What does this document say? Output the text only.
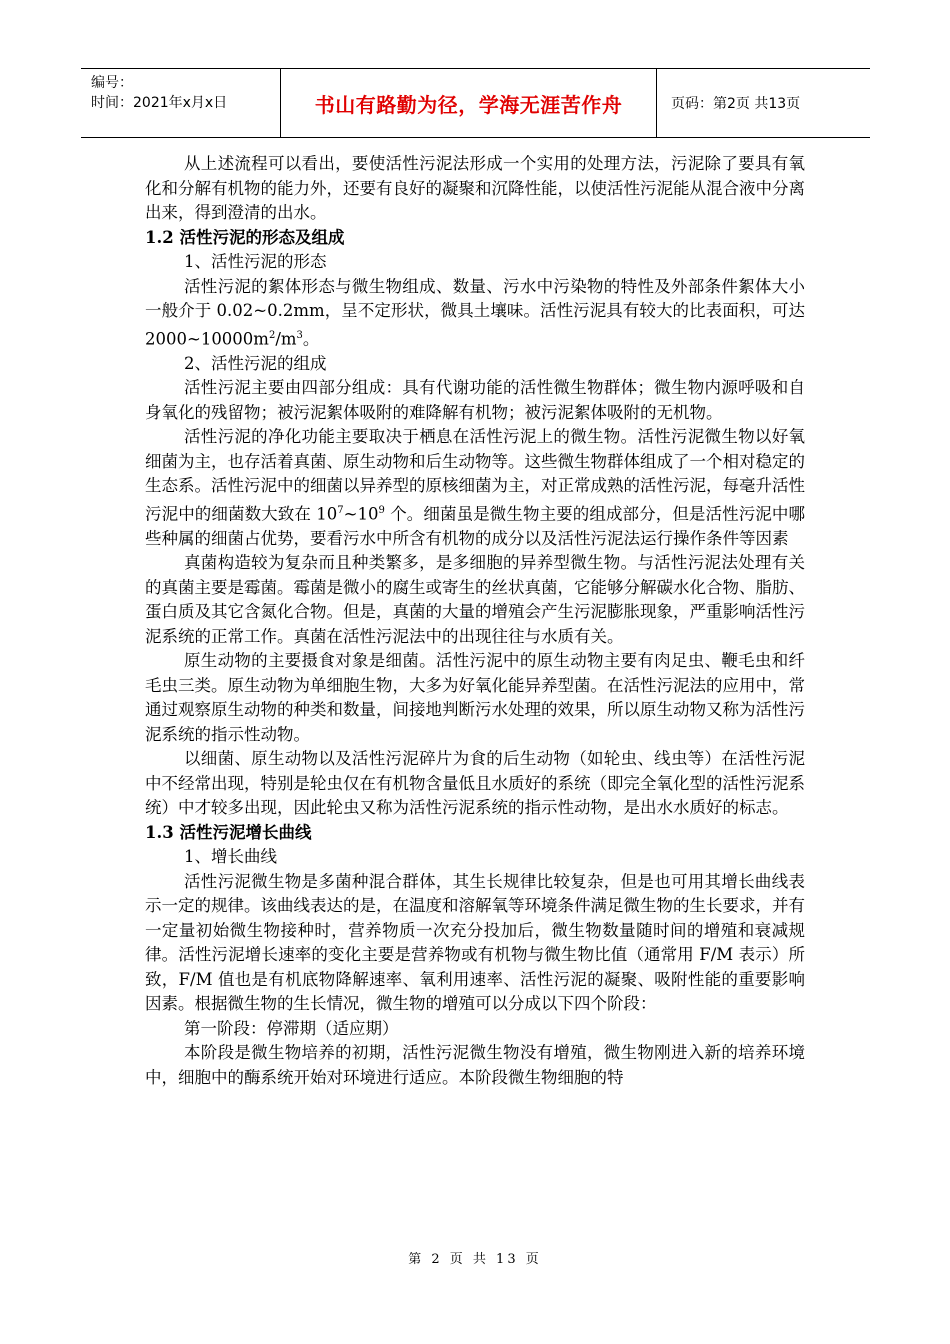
编号：
时间：2021年x月x日	书山有路勤为径，学海无涯苦作舟	页码：第2页 共13页

从上述流程可以看出，要使活性污泥法形成一个实用的处理方法，污泥除了要具有氧化和分解有机物的能力外，还要有良好的凝聚和沉降性能，以使活性污泥能从混合液中分离出来，得到澄清的出水。

1.2 活性污泥的形态及组成

1、活性污泥的形态

活性污泥的絮体形态与微生物组成、数量、污水中污染物的特性及外部条件絮体大小一般介于 0.02~0.2mm，呈不定形状，微具土壤味。活性污泥具有较大的比表面积，可达 $2000\sim 10000m^2/m^3$。

2、活性污泥的组成

活性污泥主要由四部分组成：具有代谢功能的活性微生物群体；微生物内源呼吸和自身氧化的残留物；被污泥絮体吸附的难降解有机物；被污泥絮体吸附的无机物。

活性污泥的净化功能主要取决于栖息在活性污泥上的微生物。活性污泥微生物以好氧细菌为主，也存活着真菌、原生动物和后生动物等。这些微生物群体组成了一个相对稳定的生态系。活性污泥中的细菌以异养型的原核细菌为主，对正常成熟的活性污泥，每毫升活性污泥中的细菌数大致在 $10^7\sim 10^9$ 个。细菌虽是微生物主要的组成部分，但是活性污泥中哪些种属的细菌占优势，要看污水中所含有机物的成分以及活性污泥法运行操作条件等因素

真菌构造较为复杂而且种类繁多，是多细胞的异养型微生物。与活性污泥法处理有关的真菌主要是霉菌。霉菌是微小的腐生或寄生的丝状真菌，它能够分解碳水化合物、脂肪、蛋白质及其它含氮化合物。但是，真菌的大量的增殖会产生污泥膨胀现象，严重影响活性污泥系统的正常工作。真菌在活性污泥法中的出现往往与水质有关。

原生动物的主要摄食对象是细菌。活性污泥中的原生动物主要有肉足虫、鞭毛虫和纤毛虫三类。原生动物为单细胞生物，大多为好氧化能异养型菌。在活性污泥法的应用中，常通过观察原生动物的种类和数量，间接地判断污水处理的效果，所以原生动物又称为活性污泥系统的指示性动物。

以细菌、原生动物以及活性污泥碎片为食的后生动物（如轮虫、线虫等）在活性污泥中不经常出现，特别是轮虫仅在有机物含量低且水质好的系统（即完全氧化型的活性污泥系统）中才较多出现，因此轮虫又称为活性污泥系统的指示性动物，是出水水质好的标志。

1.3 活性污泥增长曲线

1、增长曲线

活性污泥微生物是多菌种混合群体，其生长规律比较复杂，但是也可用其增长曲线表示一定的规律。该曲线表达的是，在温度和溶解氧等环境条件满足微生物的生长要求，并有一定量初始微生物接种时，营养物质一次充分投加后，微生物数量随时间的增殖和衰减规律。活性污泥增长速率的变化主要是营养物或有机物与微生物比值（通常用 F/M 表示）所致，F/M 值也是有机底物降解速率、氧利用速率、活性污泥的凝聚、吸附性能的重要影响因素。根据微生物的生长情况，微生物的增殖可以分成以下四个阶段：

第一阶段：停滞期（适应期）

本阶段是微生物培养的初期，活性污泥微生物没有增殖，微生物刚进入新的培养环境中，细胞中的酶系统开始对环境进行适应。本阶段微生物细胞的特

第 2 页 共 13 页
